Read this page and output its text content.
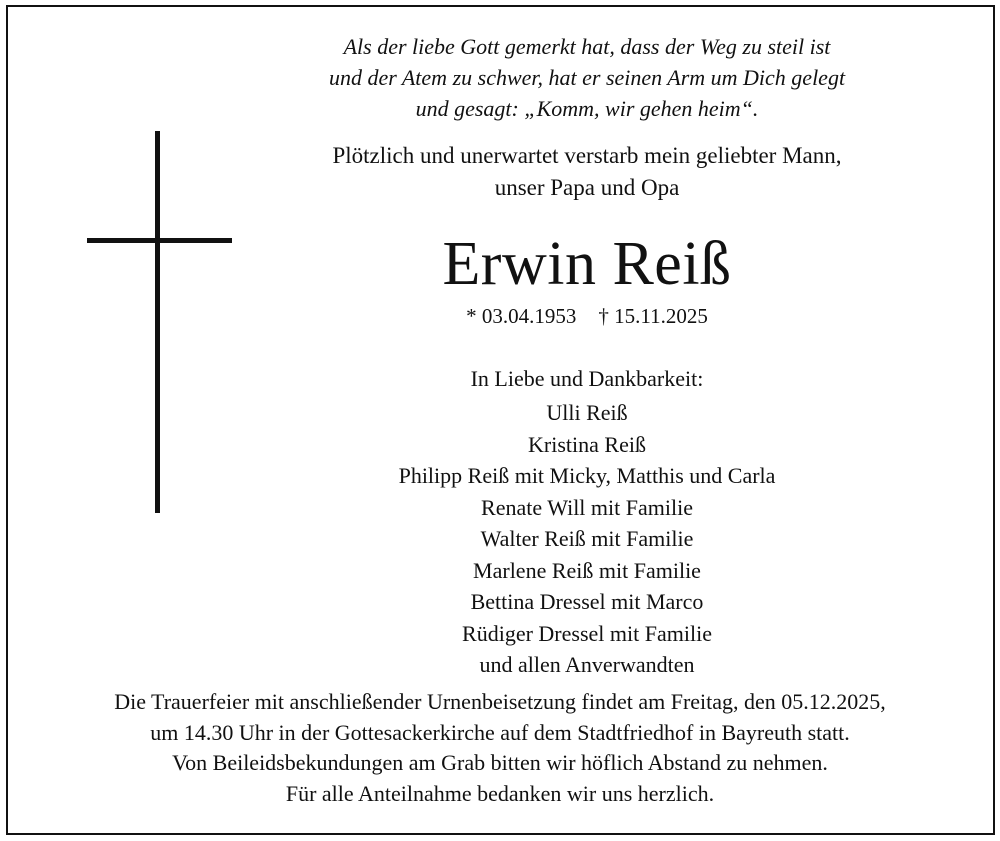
Als der liebe Gott gemerkt hat, dass der Weg zu steil ist
und der Atem zu schwer, hat er seinen Arm um Dich gelegt
und gesagt: „Komm, wir gehen heim“.
Plötzlich und unerwartet verstarb mein geliebter Mann,
unser Papa und Opa
Erwin Reiß
* 03.04.1953 † 15.11.2025
In Liebe und Dankbarkeit:
Ulli Reiß
Kristina Reiß
Philipp Reiß mit Micky, Matthis und Carla
Renate Will mit Familie
Walter Reiß mit Familie
Marlene Reiß mit Familie
Bettina Dressel mit Marco
Rüdiger Dressel mit Familie
und allen Anverwandten
Die Trauerfeier mit anschließender Urnenbeisetzung findet am Freitag, den 05.12.2025,
um 14.30 Uhr in der Gottesackerkirche auf dem Stadtfriedhof in Bayreuth statt.
Von Beileidsbekundungen am Grab bitten wir höflich Abstand zu nehmen.
Für alle Anteilnahme bedanken wir uns herzlich.
